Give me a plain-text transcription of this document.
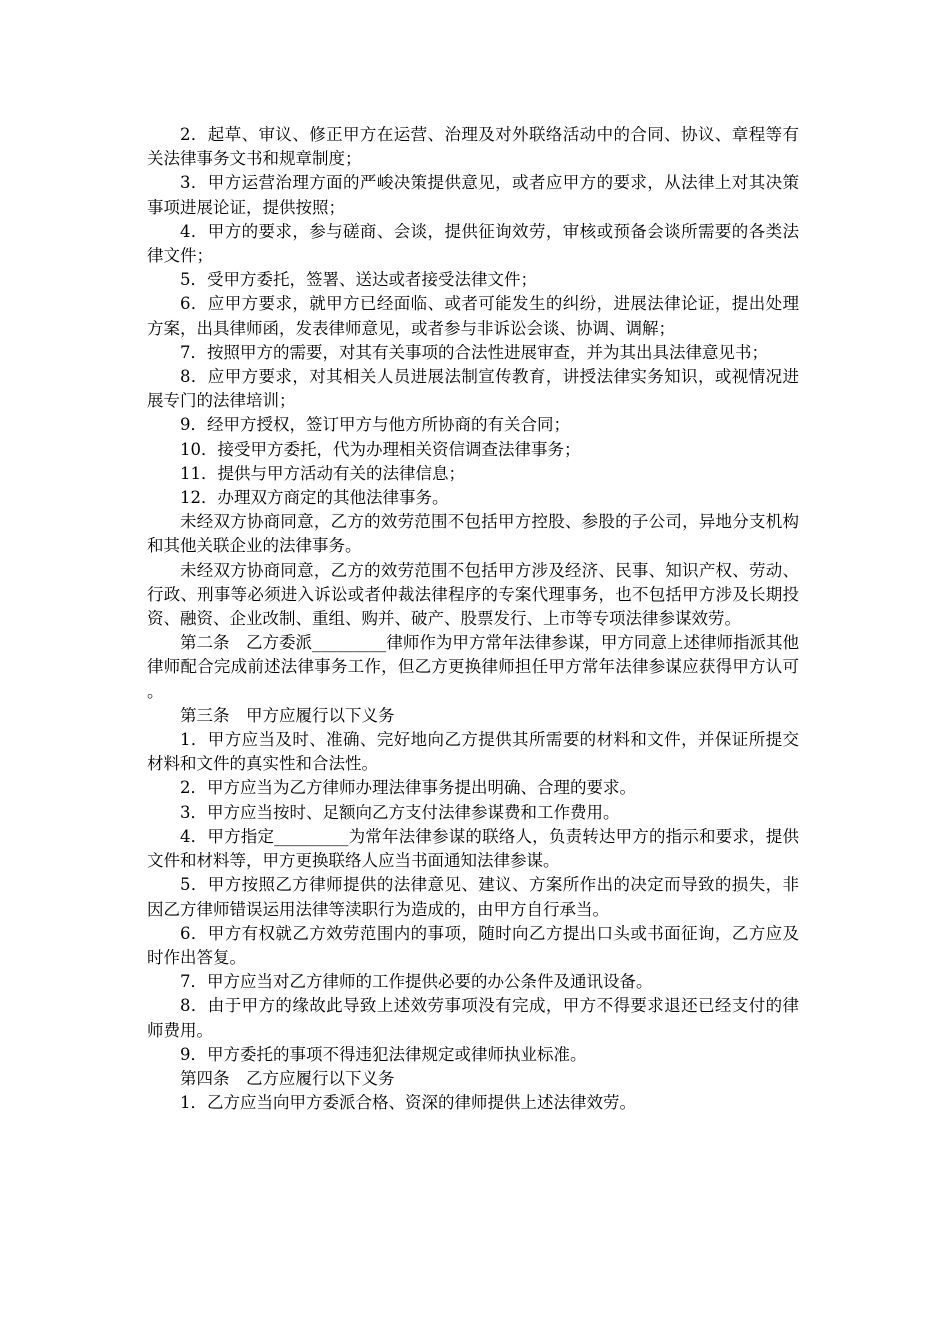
2．起草、审议、修正甲方在运营、治理及对外联络活动中的合同、协议、章程等有关法律事务文书和规章制度；

3．甲方运营治理方面的严峻决策提供意见，或者应甲方的要求，从法律上对其决策事项进展论证，提供按照；

4．甲方的要求，参与磋商、会谈，提供征询效劳，审核或预备会谈所需要的各类法律文件；

5．受甲方委托，签署、送达或者接受法律文件；

6．应甲方要求，就甲方已经面临、或者可能发生的纠纷，进展法律论证，提出处理方案，出具律师函，发表律师意见，或者参与非诉讼会谈、协调、调解；

7．按照甲方的需要，对其有关事项的合法性进展审查，并为其出具法律意见书；

8．应甲方要求，对其相关人员进展法制宣传教育，讲授法律实务知识，或视情况进展专门的法律培训；

9．经甲方授权，签订甲方与他方所协商的有关合同；

10．接受甲方委托，代为办理相关资信调查法律事务；

11．提供与甲方活动有关的法律信息；

12．办理双方商定的其他法律事务。

未经双方协商同意，乙方的效劳范围不包括甲方控股、参股的子公司，异地分支机构和其他关联企业的法律事务。

未经双方协商同意，乙方的效劳范围不包括甲方涉及经济、民事、知识产权、劳动、行政、刑事等必须进入诉讼或者仲裁法律程序的专案代理事务，也不包括甲方涉及长期投资、融资、企业改制、重组、购并、破产、股票发行、上市等专项法律参谋效劳。

第二条　乙方委派_________律师作为甲方常年法律参谋，甲方同意上述律师指派其他律师配合完成前述法律事务工作，但乙方更换律师担任甲方常年法律参谋应获得甲方认可。

第三条　甲方应履行以下义务

1．甲方应当及时、准确、完好地向乙方提供其所需要的材料和文件，并保证所提交材料和文件的真实性和合法性。

2．甲方应当为乙方律师办理法律事务提出明确、合理的要求。

3．甲方应当按时、足额向乙方支付法律参谋费和工作费用。

4．甲方指定_________为常年法律参谋的联络人，负责转达甲方的指示和要求，提供文件和材料等，甲方更换联络人应当书面通知法律参谋。

5．甲方按照乙方律师提供的法律意见、建议、方案所作出的决定而导致的损失，非因乙方律师错误运用法律等渎职行为造成的，由甲方自行承当。

6．甲方有权就乙方效劳范围内的事项，随时向乙方提出口头或书面征询，乙方应及时作出答复。

7．甲方应当对乙方律师的工作提供必要的办公条件及通讯设备。

8．由于甲方的缘故此导致上述效劳事项没有完成，甲方不得要求退还已经支付的律师费用。

9．甲方委托的事项不得违犯法律规定或律师执业标准。

第四条　乙方应履行以下义务

1．乙方应当向甲方委派合格、资深的律师提供上述法律效劳。
